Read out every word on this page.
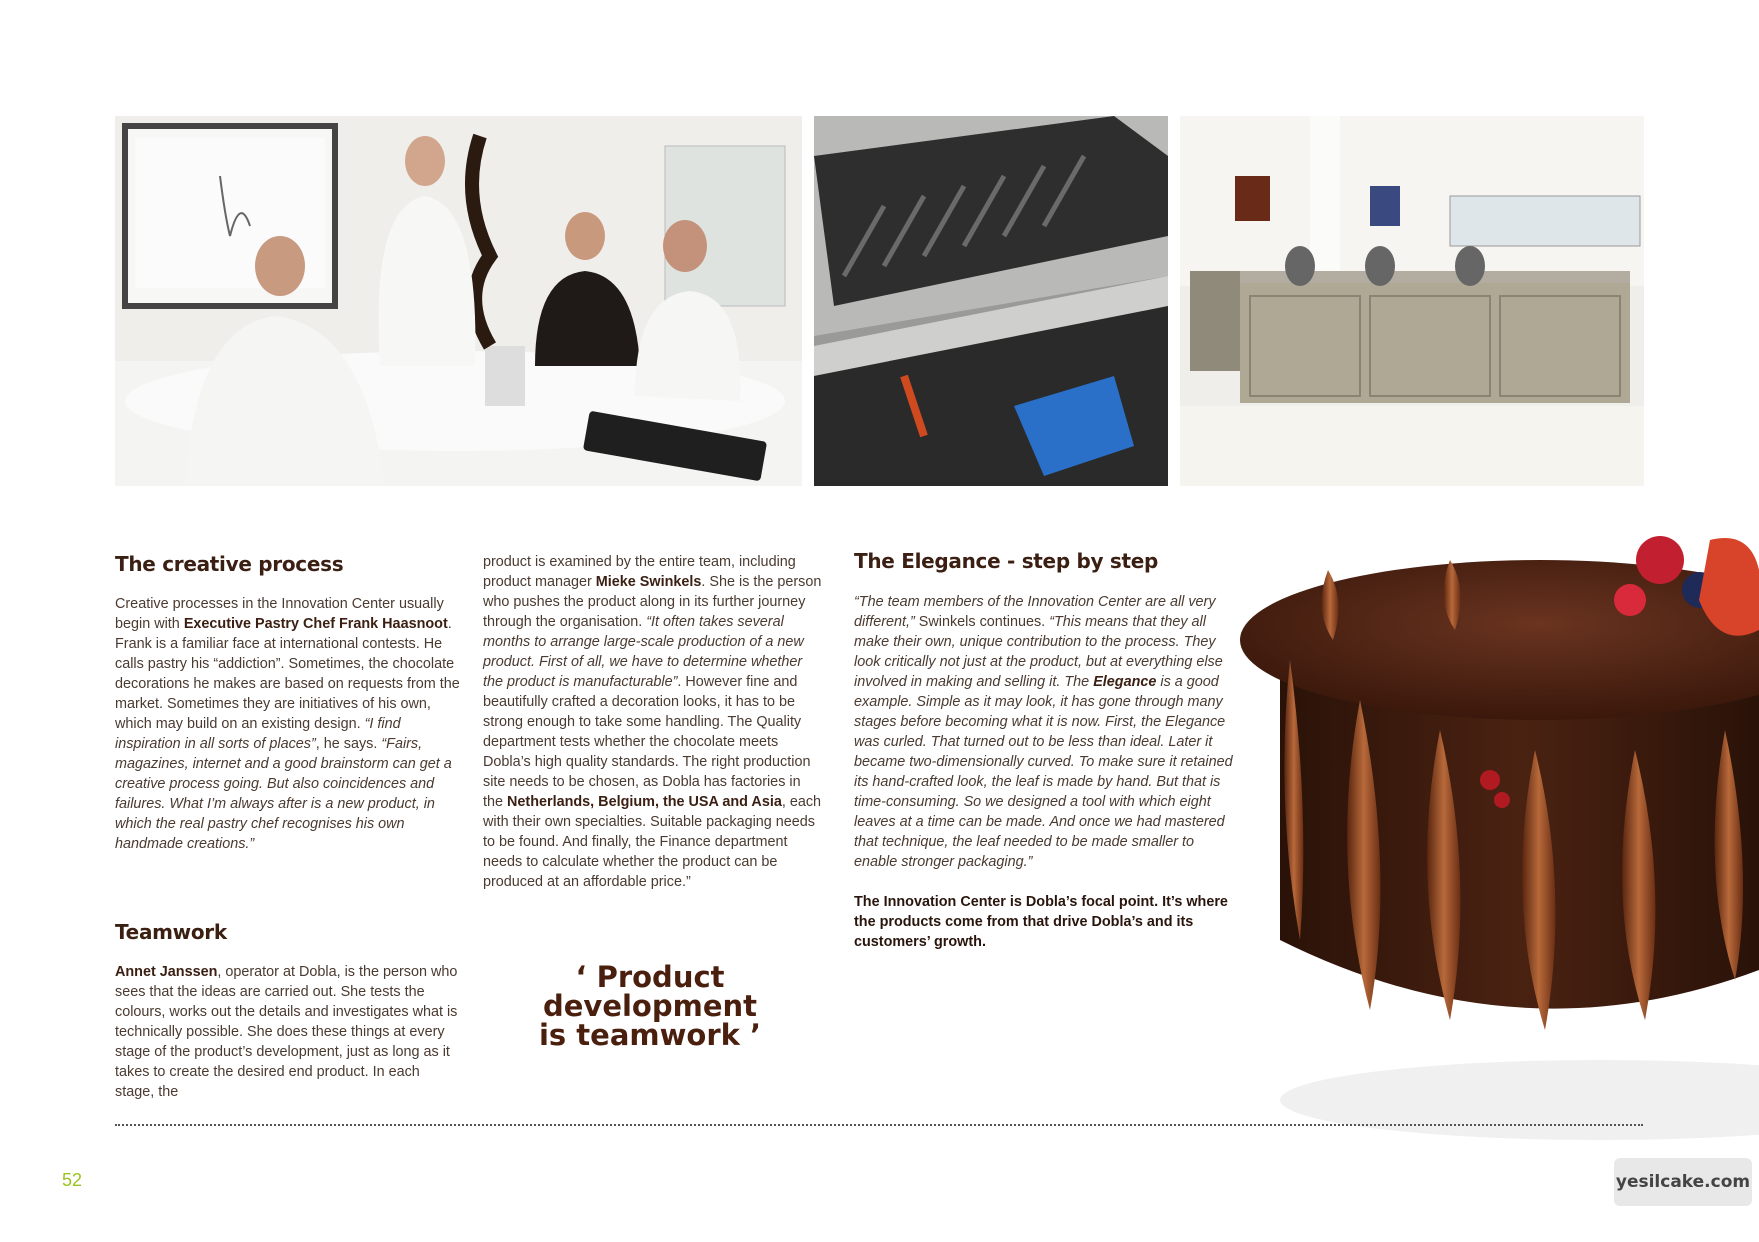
The creative process

Creative processes in the Innovation Center usually begin with Executive Pastry Chef Frank Haasnoot. Frank is a familiar face at international contests. He calls pastry his “addiction”. Sometimes, the chocolate decorations he makes are based on requests from the market. Sometimes they are initiatives of his own, which may build on an existing design. “I find inspiration in all sorts of places”, he says. “Fairs, magazines, internet and a good brainstorm can get a creative process going. But also coincidences and failures. What I’m always after is a new product, in which the real pastry chef recognises his own handmade creations.”

Teamwork

Annet Janssen, operator at Dobla, is the person who sees that the ideas are carried out. She tests the colours, works out the details and investigates what is technically possible. She does these things at every stage of the product’s development, just as long as it takes to create the desired end product. In each stage, the

product is examined by the entire team, including product manager Mieke Swinkels. She is the person who pushes the product along in its further journey through the organisation. “It often takes several months to arrange large-scale production of a new product. First of all, we have to determine whether the product is manufacturable”. However fine and beautifully crafted a decoration looks, it has to be strong enough to take some handling. The Quality department tests whether the chocolate meets Dobla’s high quality standards. The right production site needs to be chosen, as Dobla has factories in the Netherlands, Belgium, the USA and Asia, each with their own specialties. Suitable packaging needs to be found. And finally, the Finance department needs to calculate whether the product can be produced at an affordable price.”

‘ Product development
is teamwork ’
The Elegance - step by step

“The team members of the Innovation Center are all very different,” Swinkels continues. “This means that they all make their own, unique contribution to the process. They look critically not just at the product, but at everything else involved in making and selling it. The Elegance is a good example. Simple as it may look, it has gone through many stages before becoming what it is now. First, the Elegance was curled. That turned out to be less than ideal. Later it became two-dimensionally curved. To make sure it retained its hand-crafted look, the leaf is made by hand. But that is time-consuming. So we designed a tool with which eight leaves at a time can be made. And once we had mastered that technique, the leaf needed to be made smaller to enable stronger packaging.”

The Innovation Center is Dobla’s focal point. It’s where the products come from that drive Dobla’s and its customers’ growth.

52	yesilcake.com
